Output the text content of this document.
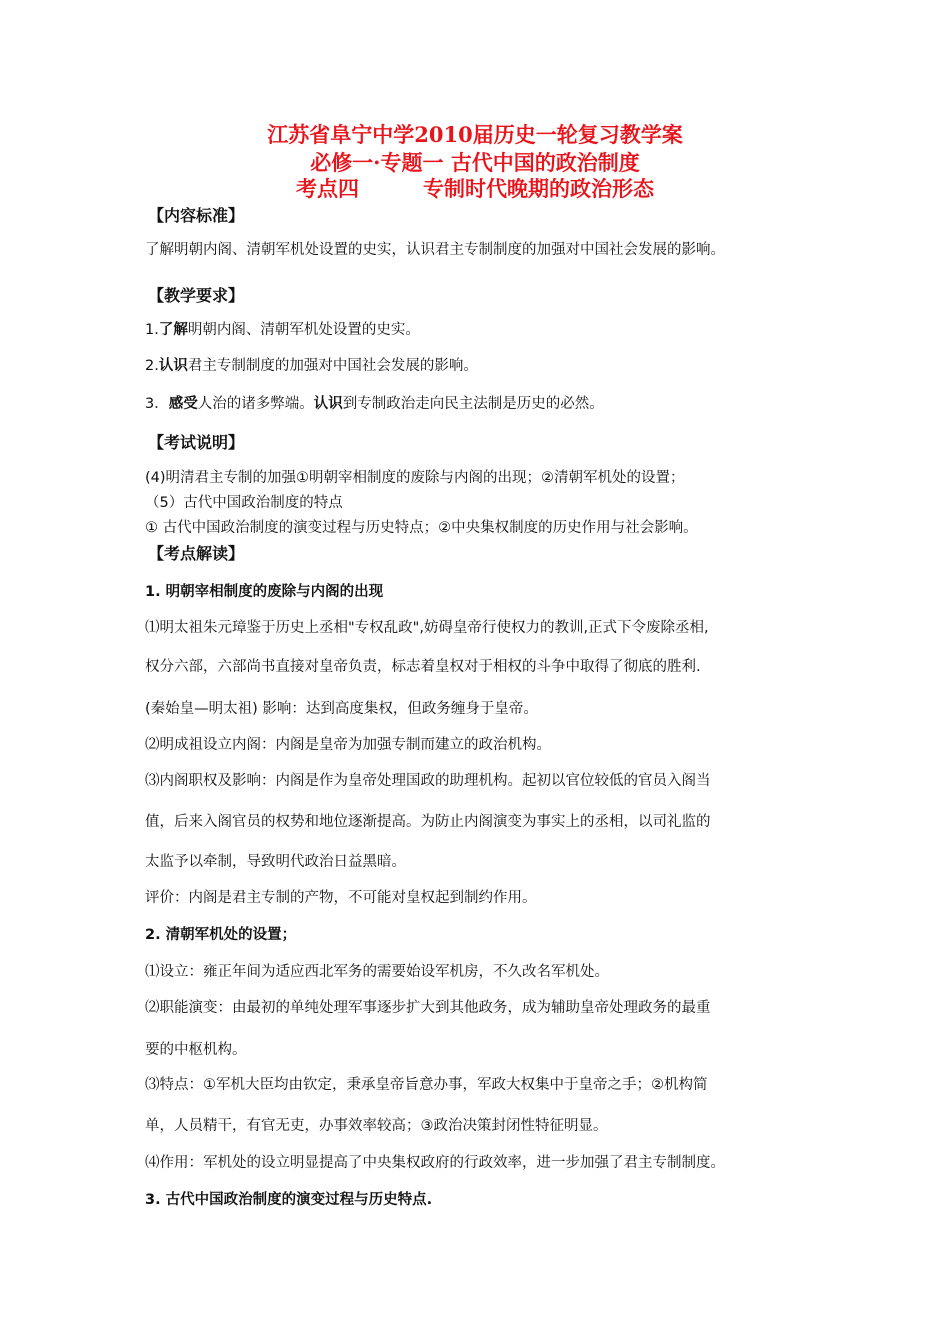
江苏省阜宁中学2010届历史一轮复习教学案
必修一·专题一 古代中国的政治制度
考点四	专制时代晚期的政治形态
【内容标准】
了解明朝内阁、清朝军机处设置的史实，认识君主专制制度的加强对中国社会发展的影响。
【教学要求】
1.了解明朝内阁、清朝军机处设置的史实。
2.认识君主专制制度的加强对中国社会发展的影响。
3．感受人治的诸多弊端。认识到专制政治走向民主法制是历史的必然。
【考试说明】
(4)明清君主专制的加强①明朝宰相制度的废除与内阁的出现；②清朝军机处的设置；
（5）古代中国政治制度的特点
① 古代中国政治制度的演变过程与历史特点；②中央集权制度的历史作用与社会影响。
【考点解读】
1. 明朝宰相制度的废除与内阁的出现
⑴明太祖朱元璋鉴于历史上丞相"专权乱政",妨碍皇帝行使权力的教训,正式下令废除丞相,
权分六部，六部尚书直接对皇帝负责，标志着皇权对于相权的斗争中取得了彻底的胜利.
(秦始皇—明太祖) 影响：达到高度集权，但政务缠身于皇帝。
⑵明成祖设立内阁：内阁是皇帝为加强专制而建立的政治机构。
⑶内阁职权及影响：内阁是作为皇帝处理国政的助理机构。起初以官位较低的官员入阁当
值，后来入阁官员的权势和地位逐渐提高。为防止内阁演变为事实上的丞相，以司礼监的
太监予以牵制，导致明代政治日益黑暗。
评价：内阁是君主专制的产物，不可能对皇权起到制约作用。
2. 清朝军机处的设置；
⑴设立：雍正年间为适应西北军务的需要始设军机房，不久改名军机处。
⑵职能演变：由最初的单纯处理军事逐步扩大到其他政务，成为辅助皇帝处理政务的最重
要的中枢机构。
⑶特点：①军机大臣均由钦定，秉承皇帝旨意办事，军政大权集中于皇帝之手；②机构简
单，人员精干，有官无吏，办事效率较高；③政治决策封闭性特征明显。
⑷作用：军机处的设立明显提高了中央集权政府的行政效率，进一步加强了君主专制制度。
3. 古代中国政治制度的演变过程与历史特点.
